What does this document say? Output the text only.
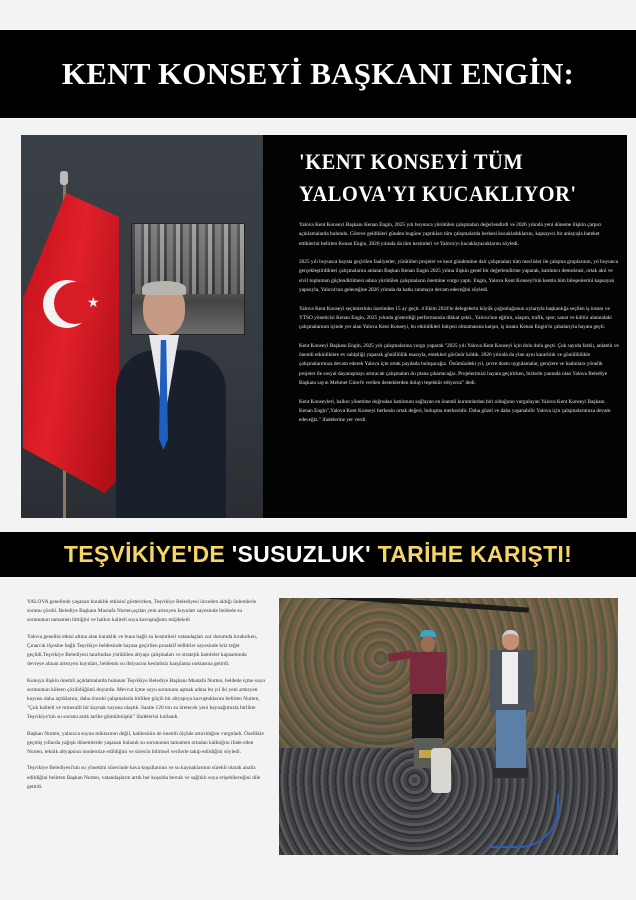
KENT KONSEYİ BAŞKANI ENGİN:
★
'KENT KONSEYİ TÜM
YALOVA'YI KUCAKLIYOR'

Yalova Kent Konseyi Başkanı Kenan Engin, 2025 yılı boyunca yürütülen çalışmaları değerlendirdi ve 2026 yılında yeni döneme ilişkin çarpıcı açıklamalarda bulundu. Göreve geldikleri günden bugüne yaptıkları tüm çalışmalarda herkesi kucakladıklarını, kapsayıcı bir anlayışla hareket ettiklerini belirten Kenan Engin, 2026 yılında da tüm kesimleri ve Yalova'yı kucaklayacaklarını söyledi.

2025 yılı boyunca hayata geçirilen faaliyetler, yürütülen projeler ve kent gündemine dair çalışmaları tüm meclisler ile çalışma gruplarının, yıl boyunca gerçekleştirdikleri çalışmalarını anlatan Başkan Kenan Engin 2025 yılına ilişkin genel bir değerlendirme yaparak, katılımcı demokrasi, ortak akıl ve sivil toplumun güçlendirilmesi adına yürütülen çalışmaların önemine vurgu yaptı. Engin, Yalova Kent Konseyi'nin kentin tüm bileşenlerini kapsayan yapısıyla, Yalova'nın geleceğine 2026 yılında da katkı sunmaya devam edeceğini söyledi.

Yalova Kent Konseyi seçimlerinin üzerinden 15 ay geçti. 4 Ekim 2024'te delegelerin büyük çoğunluğunun oylarıyla başkanlığa seçilen iş insanı ve YTSO yöneticisi Kenan Engin, 2025 yılında gösterdiği performansla dikkat çekti., Yalova'nın eğitim, ulaşım, trafik, spor, sanat ve kültür alanındaki çalışmalarının içinde yer alan Yalova Kent Konseyi, bu etkinlikleri bütçesi olmamasına karşın, iş insanı Kenan Engin'in çabalarıyla hayata geçti.

Kent Konseyi Başkanı Engin, 2025 yılı çalışmalarına vurgu yaparak "2025 yılı Yalova Kent Konseyi için dolu dolu geçti. Çok sayıda farklı, anlamlı ve önemli etkinliklere ev sahipliği yaparak gönüllülük esasıyla, emekleri görünür kıldık. 2026 yılında da yine aynı kararlılık ve gönüllülükle çalışmalarımıza devam ederek Yalova için ortak paydada buluşacağız. Önümüzdeki yıl, çevre dostu uygulamalar, gençlere ve kadınlara yönelik projeler ile sosyal dayanışmayı artıracak çalışmaları ön plana çıkartacağız. Projelerimizi hayata geçirirken, bizlerin yanında olan Yalova Belediye Başkanı sayın Mehmet Gürel'e verilen desteklerden dolayı teşekkür ediyoruz" dedi.

Kent Konseyleri, halkın yönetime doğrudan katılımını sağlayan en önemli kurumlardan biri olduğunu vurgulayan Yalova Kent Konseyi Başkanı Kenan Engin",Yalova Kent Konseyi herkesin ortak değeri, buluşma merkezidir. Daha güzel ve daha yaşanabilir Yalova için çalışmalarımıza devam edeceğiz." ifadelerine yer verdi.

TEŞVİKİYE'DE 'SUSUZLUK' TARİHE KARIŞTI!

YALOVA genelinde yaşanan kuraklık etkisini gösterirken, Teşvikiye Belediyesi önceden aldığı önlemlerle sorunu çözdü. Belediye Başkanı Mustafa Nurten,açılan yeni artezyen kuyuları sayesinde beldede su sorununun tamamen bittiğini ve halkın kaliteli suya kavuştuğunu müjdeledi

Yalova genelini etkisi altına alan kuraklık ve buna bağlı su kesintileri vatandaşları zor durumda bırakırken, Çınarcık ilçesine bağlı Teşvikiye beldesinde hayata geçirilen proaktif tedbirler sayesinde kriz teğet geçildi.Teşvikiye Belediyesi tarafından yürütülen altyapı çalışmaları ve stratejik hamleler kapsamında devreye alınan artezyen kuyuları, beldenin su ihtiyacını kesintisiz karşılama noktasına getirdi.

Konuya ilişkin önemli açıklamalarda bulunan Teşvikiye Belediye Başkanı Mustafa Nurten, beldede içme suyu sorununun kökten çözüldüğünü duyurdu. Mevcut içme suyu sorununu aşmak adına bu yıl iki yeni artezyen kuyusu daha açtıklarını, daha önceki çalışmalarla birlikte güçlü bir altyapıya kavuştuklarını belirten Nurten, "Çok kaliteli ve mineralli bir kaynak suyuna ulaştık. Saatte 120 ton su üretecek yeni kaynağımızla birlikte Teşvikiye'nin su sorunu artık tarihe gömülmüştür" ifadelerini kullandı.

Başkan Nurten, yalnızca suyun miktarının değil, kalitesinin de önemli ölçüde artırıldığını vurguladı. Özellikle geçmiş yıllarda yağışlı dönemlerde yaşanan bulanık su sorununun tamamen ortadan kalktığını ifade eden Nurten, teknik altyapının modernize edildiğini ve sürecin bilimsel verilerle takip edildiğini söyledi.

Teşvikiye Belediyesi'nin su yönetimi sürecinde hava koşullarının ve su kaynaklarının sürekli olarak analiz edildiğini belirten Başkan Nurten, vatandaşların artık her koşulda berrak ve sağlıklı suya erişebileceğini dile getirdi.
